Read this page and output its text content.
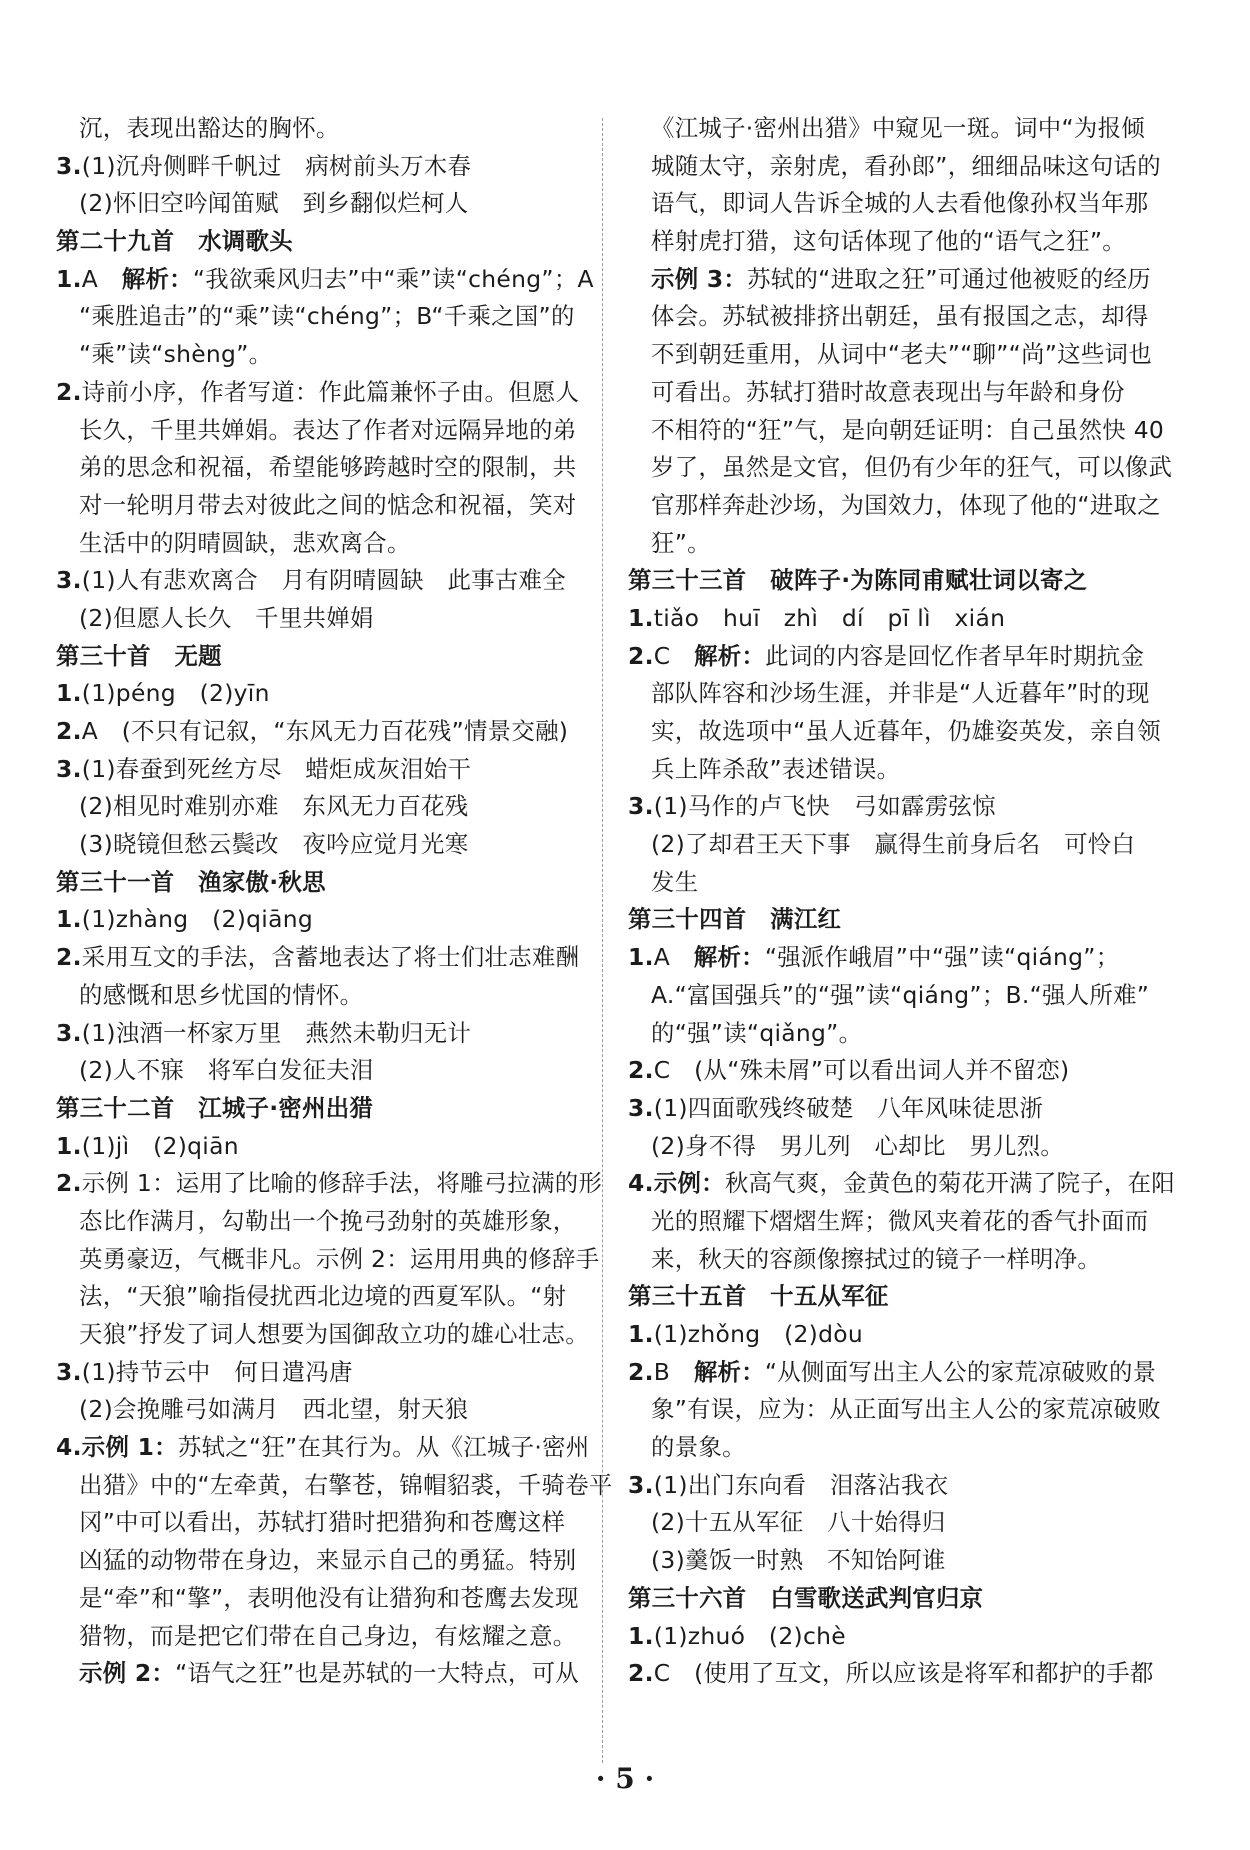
沉，表现出豁达的胸怀。
3.(1)沉舟侧畔千帆过　病树前头万木春
(2)怀旧空吟闻笛赋　到乡翻似烂柯人
第二十九首　水调歌头
1.A　解析：“我欲乘风归去”中“乘”读“chéng”；A
“乘胜追击”的“乘”读“chéng”；B“千乘之国”的
“乘”读“shèng”。
2.诗前小序，作者写道：作此篇兼怀子由。但愿人
长久，千里共婵娟。表达了作者对远隔异地的弟
弟的思念和祝福，希望能够跨越时空的限制，共
对一轮明月带去对彼此之间的惦念和祝福，笑对
生活中的阴晴圆缺，悲欢离合。
3.(1)人有悲欢离合　月有阴晴圆缺　此事古难全
(2)但愿人长久　千里共婵娟
第三十首　无题
1.(1)péng　(2)yīn
2.A　(不只有记叙，“东风无力百花残”情景交融)
3.(1)春蚕到死丝方尽　蜡炬成灰泪始干
(2)相见时难别亦难　东风无力百花残
(3)晓镜但愁云鬓改　夜吟应觉月光寒
第三十一首　渔家傲·秋思
1.(1)zhàng　(2)qiāng
2.采用互文的手法，含蓄地表达了将士们壮志难酬
的感慨和思乡忧国的情怀。
3.(1)浊酒一杯家万里　燕然未勒归无计
(2)人不寐　将军白发征夫泪
第三十二首　江城子·密州出猎
1.(1)jì　(2)qiān
2.示例 1：运用了比喻的修辞手法，将雕弓拉满的形
态比作满月，勾勒出一个挽弓劲射的英雄形象，
英勇豪迈，气概非凡。示例 2：运用用典的修辞手
法，“天狼”喻指侵扰西北边境的西夏军队。“射
天狼”抒发了词人想要为国御敌立功的雄心壮志。
3.(1)持节云中　何日遣冯唐
(2)会挽雕弓如满月　西北望，射天狼
4.示例 1：苏轼之“狂”在其行为。从《江城子·密州
出猎》中的“左牵黄，右擎苍，锦帽貂裘，千骑卷平
冈”中可以看出，苏轼打猎时把猎狗和苍鹰这样
凶猛的动物带在身边，来显示自己的勇猛。特别
是“牵”和“擎”，表明他没有让猎狗和苍鹰去发现
猎物，而是把它们带在自己身边，有炫耀之意。
示例 2：“语气之狂”也是苏轼的一大特点，可从
《江城子·密州出猎》中窥见一斑。词中“为报倾
城随太守，亲射虎，看孙郎”，细细品味这句话的
语气，即词人告诉全城的人去看他像孙权当年那
样射虎打猎，这句话体现了他的“语气之狂”。
示例 3：苏轼的“进取之狂”可通过他被贬的经历
体会。苏轼被排挤出朝廷，虽有报国之志，却得
不到朝廷重用，从词中“老夫”“聊”“尚”这些词也
可看出。苏轼打猎时故意表现出与年龄和身份
不相符的“狂”气，是向朝廷证明：自己虽然快 40
岁了，虽然是文官，但仍有少年的狂气，可以像武
官那样奔赴沙场，为国效力，体现了他的“进取之
狂”。
第三十三首　破阵子·为陈同甫赋壮词以寄之
1.tiǎo　huī　zhì　dí　pī lì　xián
2.C　解析：此词的内容是回忆作者早年时期抗金
部队阵容和沙场生涯，并非是“人近暮年”时的现
实，故选项中“虽人近暮年，仍雄姿英发，亲自领
兵上阵杀敌”表述错误。
3.(1)马作的卢飞快　弓如霹雳弦惊
(2)了却君王天下事　赢得生前身后名　可怜白
发生
第三十四首　满江红
1.A　解析：“强派作峨眉”中“强”读“qiáng”；
A.“富国强兵”的“强”读“qiáng”；B.“强人所难”
的“强”读“qiǎng”。
2.C　(从“殊未屑”可以看出词人并不留恋)
3.(1)四面歌残终破楚　八年风味徒思浙
(2)身不得　男儿列　心却比　男儿烈。
4.示例：秋高气爽，金黄色的菊花开满了院子，在阳
光的照耀下熠熠生辉；微风夹着花的香气扑面而
来，秋天的容颜像擦拭过的镜子一样明净。
第三十五首　十五从军征
1.(1)zhǒng　(2)dòu
2.B　解析：“从侧面写出主人公的家荒凉破败的景
象”有误，应为：从正面写出主人公的家荒凉破败
的景象。
3.(1)出门东向看　泪落沾我衣
(2)十五从军征　八十始得归
(3)羹饭一时熟　不知饴阿谁
第三十六首　白雪歌送武判官归京
1.(1)zhuó　(2)chè
2.C　(使用了互文，所以应该是将军和都护的手都
· 5 ·
